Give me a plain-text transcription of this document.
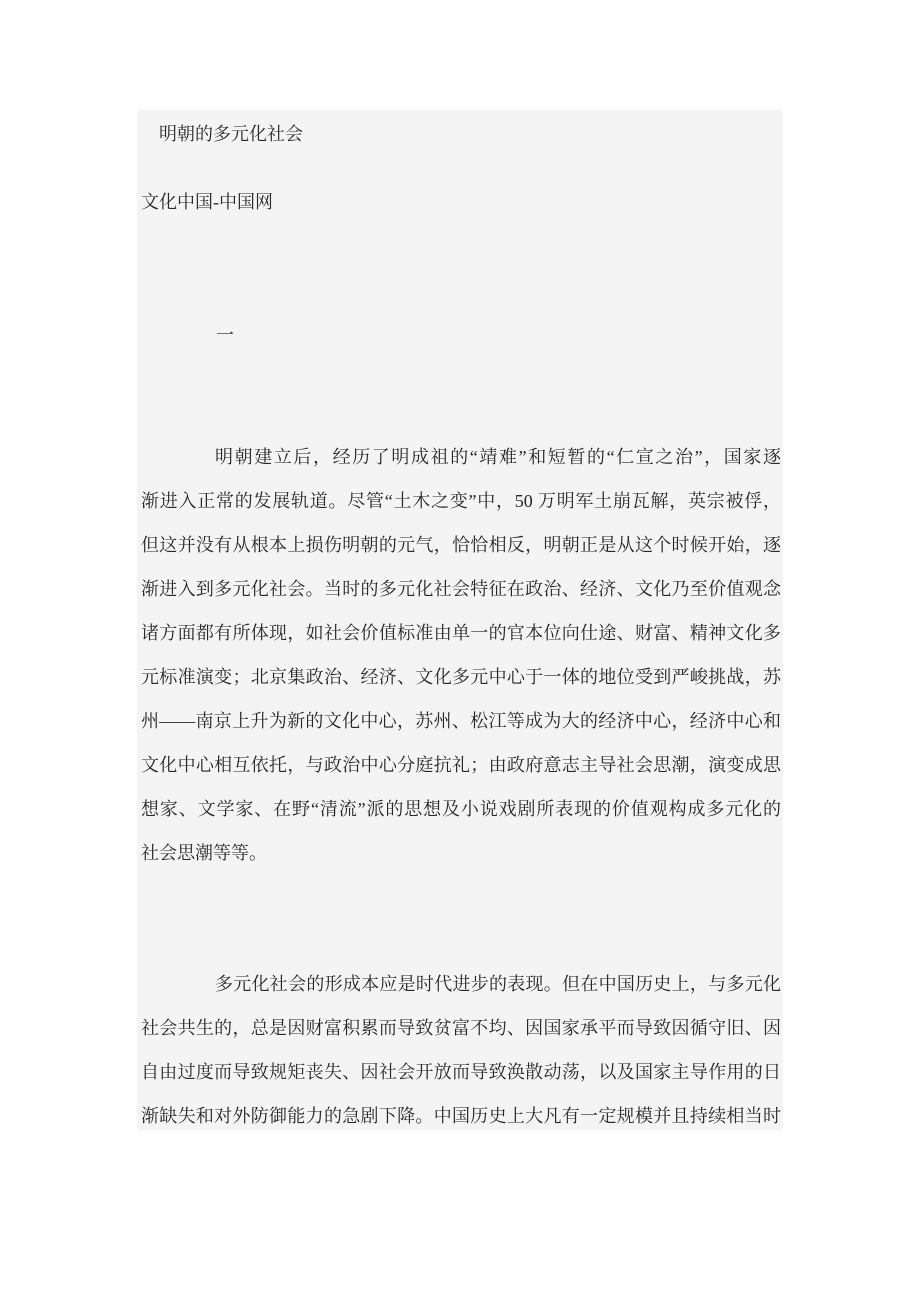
明朝的多元化社会
文化中国-中国网
一
明朝建立后，经历了明成祖的“靖难”和短暂的“仁宣之治”，国家逐
渐进入正常的发展轨道。尽管“土木之变”中，50 万明军土崩瓦解，英宗被俘，
但这并没有从根本上损伤明朝的元气，恰恰相反，明朝正是从这个时候开始，逐
渐进入到多元化社会。当时的多元化社会特征在政治、经济、文化乃至价值观念
诸方面都有所体现，如社会价值标准由单一的官本位向仕途、财富、精神文化多
元标准演变；北京集政治、经济、文化多元中心于一体的地位受到严峻挑战，苏
州——南京上升为新的文化中心，苏州、松江等成为大的经济中心，经济中心和
文化中心相互依托，与政治中心分庭抗礼；由政府意志主导社会思潮，演变成思
想家、文学家、在野“清流”派的思想及小说戏剧所表现的价值观构成多元化的
社会思潮等等。
多元化社会的形成本应是时代进步的表现。但在中国历史上，与多元化
社会共生的，总是因财富积累而导致贫富不均、因国家承平而导致因循守旧、因
自由过度而导致规矩丧失、因社会开放而导致涣散动荡，以及国家主导作用的日
渐缺失和对外防御能力的急剧下降。中国历史上大凡有一定规模并且持续相当时
